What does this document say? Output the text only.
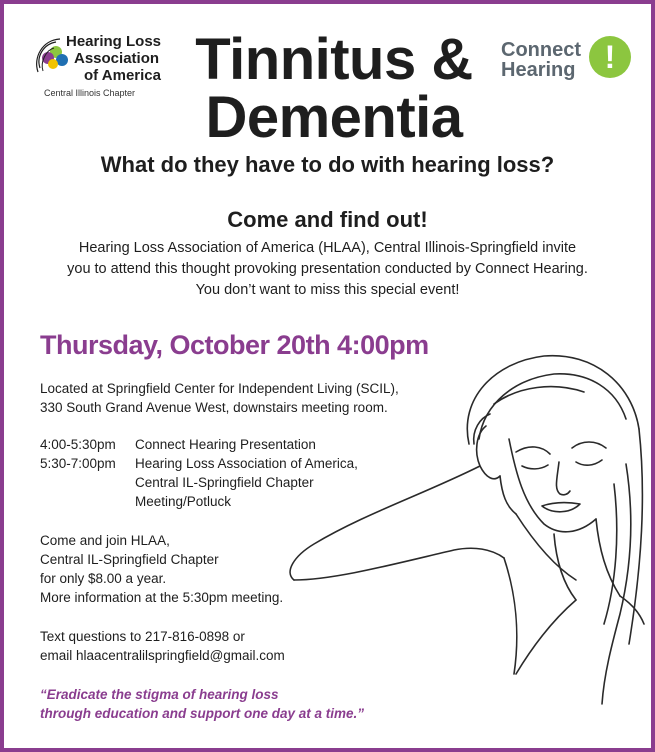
Hearing Loss
Association
of America
Central Illinois Chapter
Tinnitus &
Dementia
Connect
Hearing !
What do they have to do with hearing loss?
Come and find out!
Hearing Loss Association of America (HLAA), Central Illinois-Springfield invite
you to attend this thought provoking presentation conducted by Connect Hearing.
You don’t want to miss this special event!
Thursday, October 20th 4:00pm
Located at Springfield Center for Independent Living (SCIL),
330 South Grand Avenue West, downstairs meeting room.
4:00-5:30pm Connect Hearing Presentation
5:30-7:00pm Hearing Loss Association of America,
Central IL-Springfield Chapter
Meeting/Potluck
Come and join HLAA,
Central IL-Springfield Chapter
for only $8.00 a year.
More information at the 5:30pm meeting.
Text questions to 217-816-0898 or
email hlaacentralilspringfield@gmail.com
“Eradicate the stigma of hearing loss
through education and support one day at a time.”
